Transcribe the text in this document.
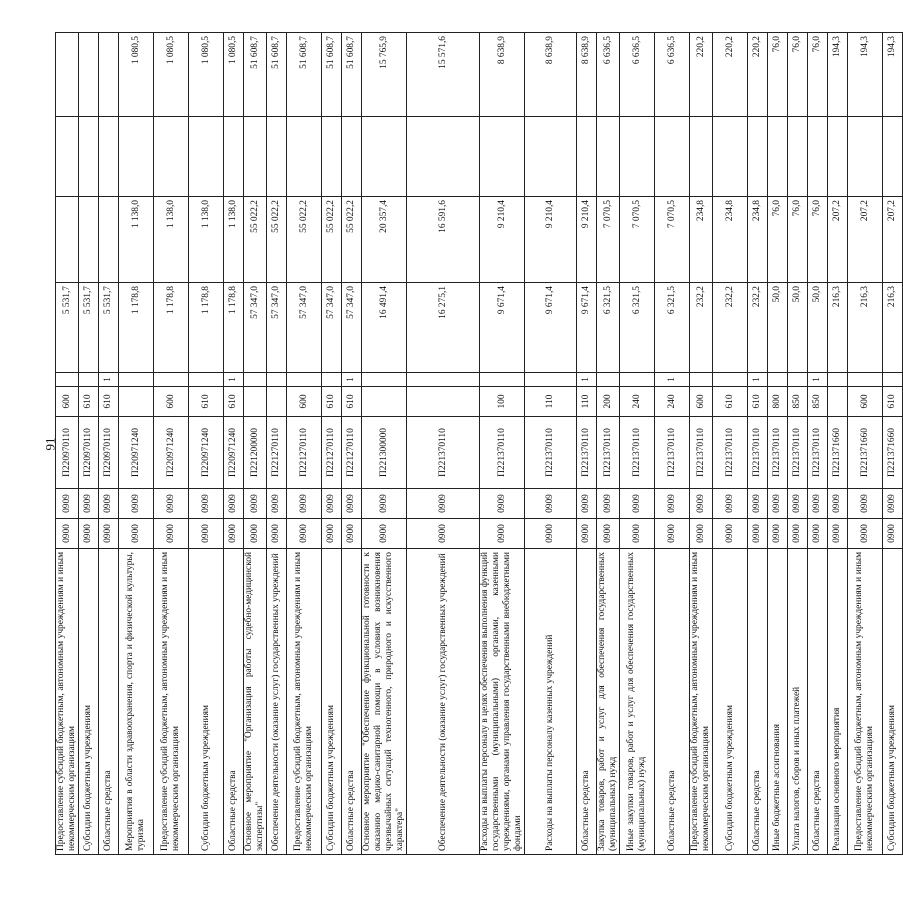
91
Предоставление субсидий бюджетным, автономным учреждениям и иным некоммерческим организациям	0900	0909	П220970110	600		5 531,7			
Субсидии бюджетным учреждениям	0900	0909	П220970110	610		5 531,7			
Областные средства	0900	0909	П220970110	610	1	5 531,7			
Мероприятия в области здравоохранения, спорта и физической культуры, туризма	0900	0909	П220971240			1 178,8	1 138,0		1 080,5
Предоставление субсидий бюджетным, автономным учреждениям и иным некоммерческим организациям	0900	0909	П220971240	600		1 178,8	1 138,0		1 080,5
Субсидии бюджетным учреждениям	0900	0909	П220971240	610		1 178,8	1 138,0		1 080,5
Областные средства	0900	0909	П220971240	610	1	1 178,8	1 138,0		1 080,5
Основное мероприятие "Организация работы судебно-медицинской экспертизы"	0900	0909	П221200000			57 347,0	55 022,2		51 608,7
Обеспечение деятельности (оказание услуг) государственных учреждений	0900	0909	П221270110			57 347,0	55 022,2		51 608,7
Предоставление субсидий бюджетным, автономным учреждениям и иным некоммерческим организациям	0900	0909	П221270110	600		57 347,0	55 022,2		51 608,7
Субсидии бюджетным учреждениям	0900	0909	П221270110	610		57 347,0	55 022,2		51 608,7
Областные средства	0900	0909	П221270110	610	1	57 347,0	55 022,2		51 608,7
Основное мероприятие "Обеспечение функциональной готовности к оказанию медико-санитарной помощи в условиях возникновения чрезвычайных ситуаций техногенного, природного и искусственного характера"	0900	0909	П221300000			16 491,4	20 357,4		15 765,9
Обеспечение деятельности (оказание услуг) государственных учреждений	0900	0909	П221370110			16 275,1	16 591,6		15 571,6
Расходы на выплаты персоналу в целях обеспечения выполнения функций государственными (муниципальными) органами, казенными учреждениями, органами управления государственными внебюджетными фондами	0900	0909	П221370110	100		9 671,4	9 210,4		8 638,9
Расходы на выплаты персоналу казенных учреждений	0900	0909	П221370110	110		9 671,4	9 210,4		8 638,9
Областные средства	0900	0909	П221370110	110	1	9 671,4	9 210,4		8 638,9
Закупка товаров, работ и услуг для обеспечения государственных (муниципальных) нужд	0900	0909	П221370110	200		6 321,5	7 070,5		6 636,5
Иные закупки товаров, работ и услуг для обеспечения государственных (муниципальных) нужд	0900	0909	П221370110	240		6 321,5	7 070,5		6 636,5
Областные средства	0900	0909	П221370110	240	1	6 321,5	7 070,5		6 636,5
Предоставление субсидий бюджетным, автономным учреждениям и иным некоммерческим организациям	0900	0909	П221370110	600		232,2	234,8		220,2
Субсидии бюджетным учреждениям	0900	0909	П221370110	610		232,2	234,8		220,2
Областные средства	0900	0909	П221370110	610	1	232,2	234,8		220,2
Иные бюджетные ассигнования	0900	0909	П221370110	800		50,0	76,0		76,0
Уплата налогов, сборов и иных платежей	0900	0909	П221370110	850		50,0	76,0		76,0
Областные средства	0900	0909	П221370110	850	1	50,0	76,0		76,0
Реализация основного мероприятия	0900	0909	П221371660			216,3	207,2		194,3
Предоставление субсидий бюджетным, автономным учреждениям и иным некоммерческим организациям	0900	0909	П221371660	600		216,3	207,2		194,3
Субсидии бюджетным учреждениям	0900	0909	П221371660	610		216,3	207,2		194,3
